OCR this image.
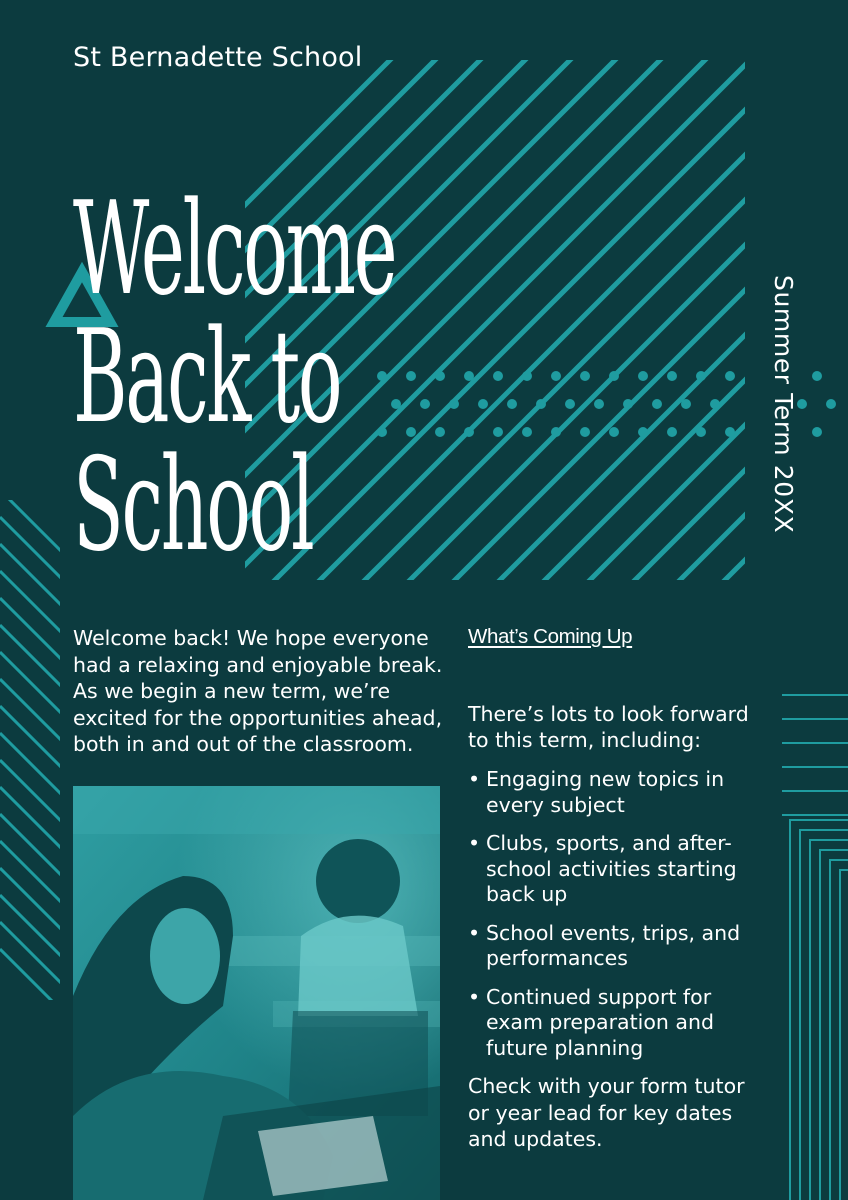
St Bernadette School
Welcome
Back to
School	Summer Term 20XX

Welcome back! We hope everyone had a relaxing and enjoyable break. As we begin a new term, we’re excited for the opportunities ahead, both in and out of the classroom.

What’s Coming Up

There’s lots to look forward to this term, including:

• Engaging new topics in every subject
• Clubs, sports, and after-school activities starting back up
• School events, trips, and performances
• Continued support for exam preparation and future planning

Check with your form tutor or year lead for key dates and updates.
